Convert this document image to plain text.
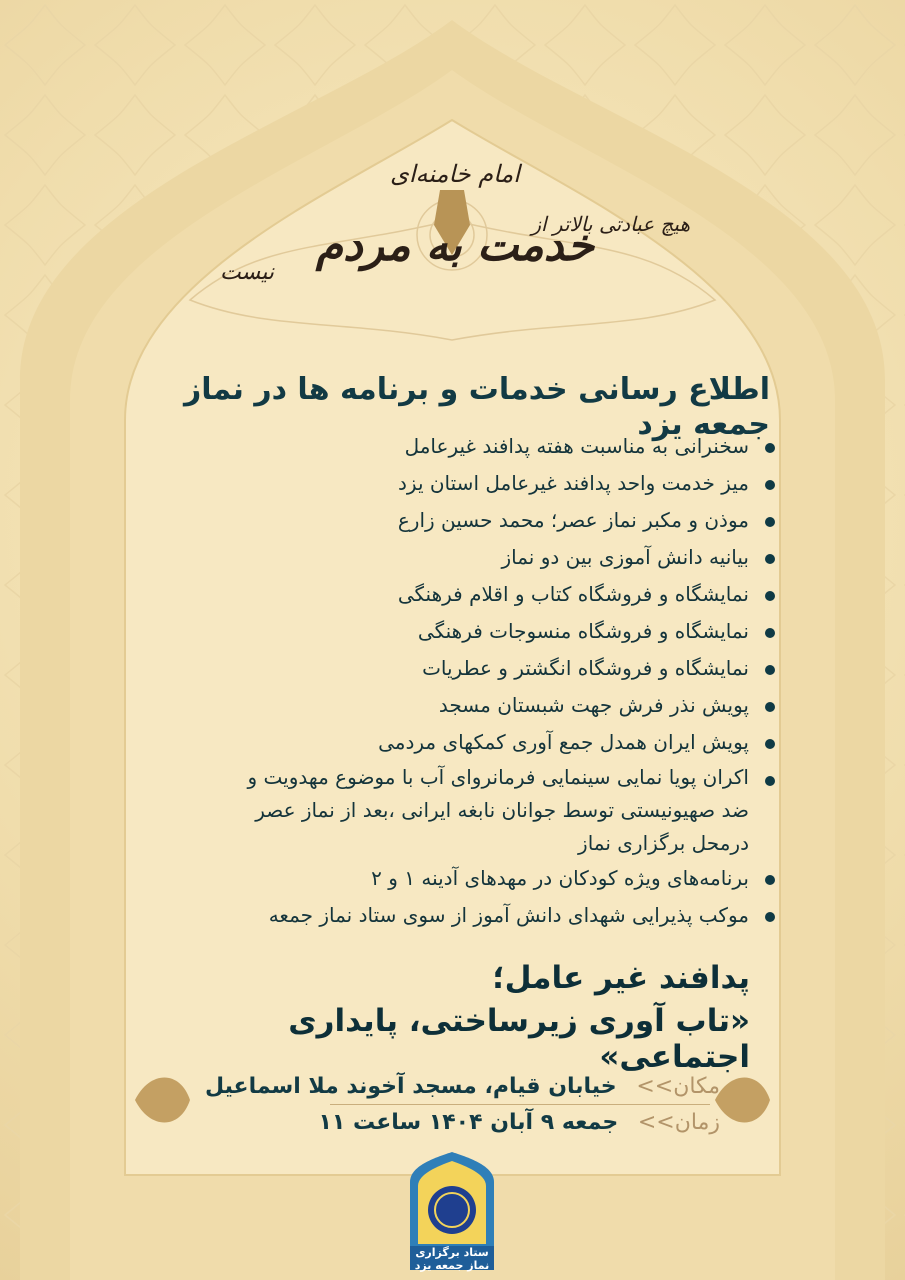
امام خامنه‌ای
هیچ عبادتی بالاتر از
خدمت به مردم
نیست
اطلاع رسانی خدمات و برنامه ها در نماز جمعه یزد
سخنرانی به مناسبت هفته پدافند غیرعامل
میز خدمت واحد پدافند غیرعامل استان یزد
موذن و مکبر نماز عصر؛ محمد حسین زارع
بیانیه دانش آموزی بین دو نماز
نمایشگاه و فروشگاه کتاب و اقلام فرهنگی
نمایشگاه و فروشگاه منسوجات فرهنگی
نمایشگاه و فروشگاه انگشتر و عطریات
پویش نذر فرش جهت شبستان مسجد
پویش ایران همدل جمع آوری کمکهای مردمی
اکران پویا نمایی سینمایی فرمانروای آب با موضوع مهدویت و ضد صهیونیستی توسط جوانان نابغه ایرانی ،بعد از نماز عصر درمحل برگزاری نماز
برنامه‌های ویژه کودکان در مهدهای آدینه ۱ و ۲
موکب پذیرایی شهدای دانش آموز از سوی ستاد نماز جمعه
پدافند غیر عامل؛
«تاب آوری زیرساختی، پایداری اجتماعی»
مکان>> خیابان قیام، مسجد آخوند ملا اسماعیل
زمان>> جمعه ۹ آبان ۱۴۰۴ ساعت ۱۱
ستاد برگزاری نماز جمعه یزد
